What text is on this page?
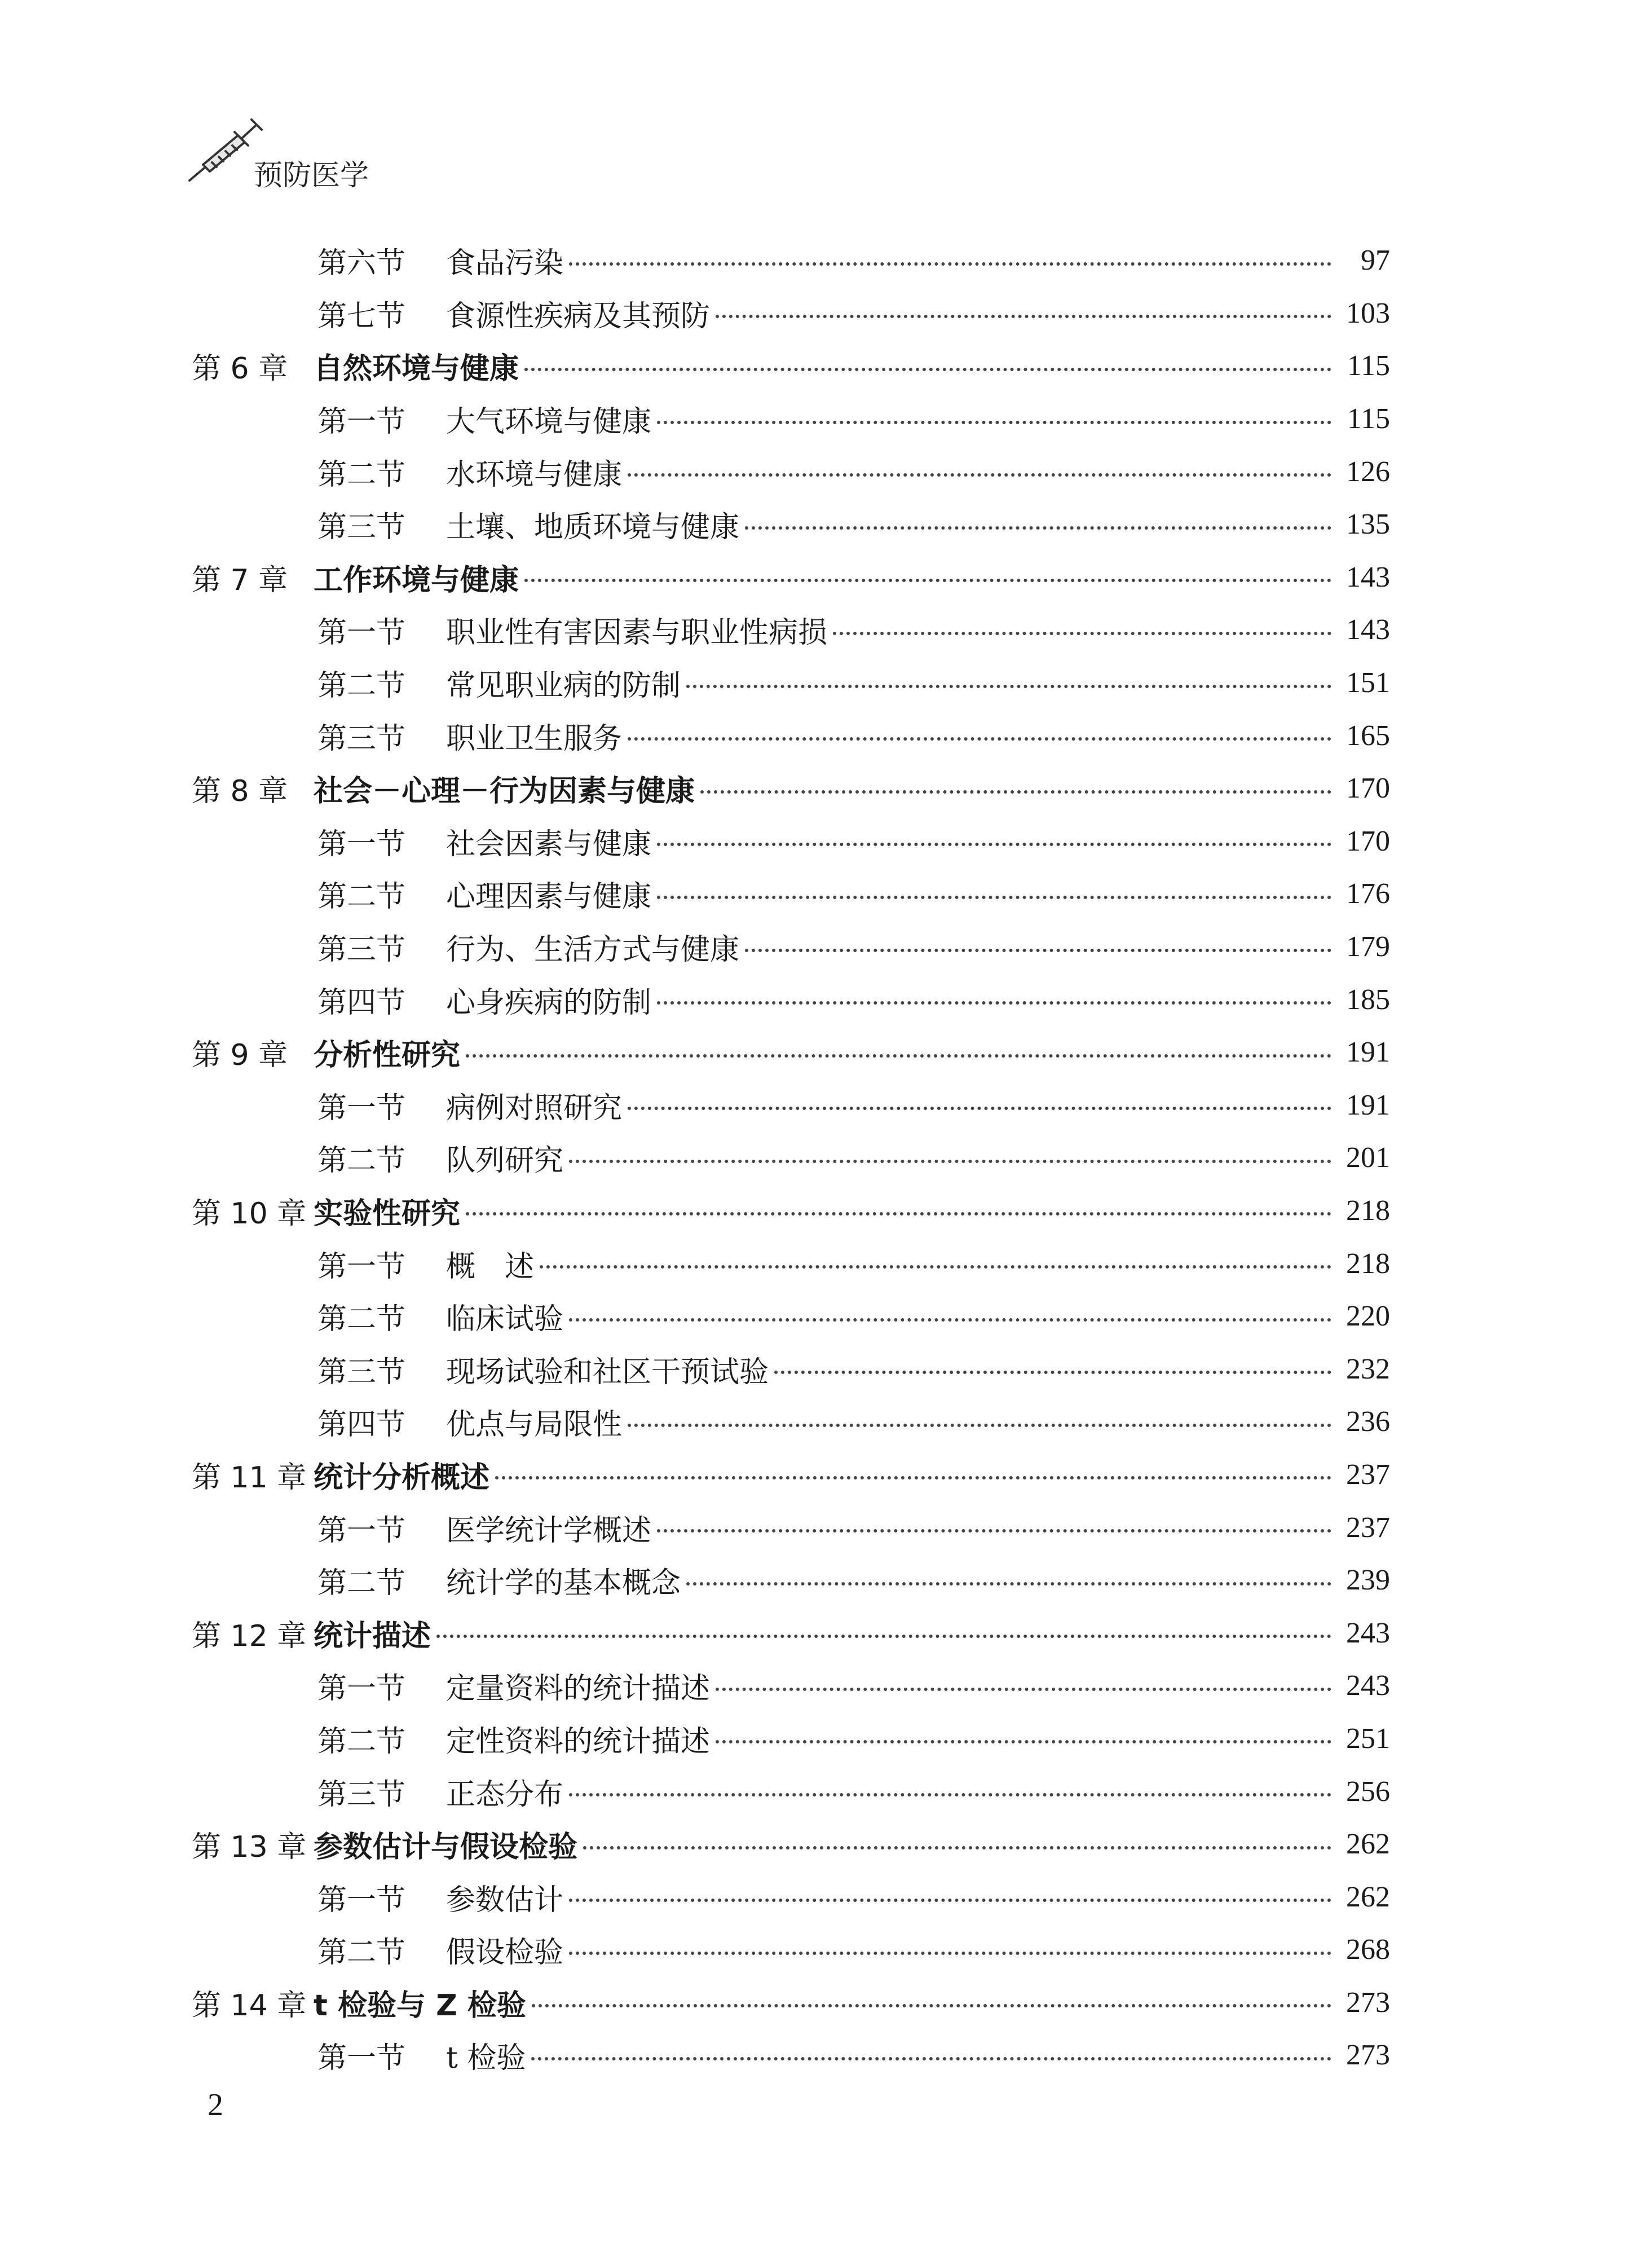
预防医学
第六节	食品污染	97
第七节	食源性疾病及其预防	103
第 6 章 自然环境与健康	115
第一节	大气环境与健康	115
第二节	水环境与健康	126
第三节	土壤、地质环境与健康	135
第 7 章 工作环境与健康	143
第一节	职业性有害因素与职业性病损	143
第二节	常见职业病的防制	151
第三节	职业卫生服务	165
第 8 章 社会－心理－行为因素与健康	170
第一节	社会因素与健康	170
第二节	心理因素与健康	176
第三节	行为、生活方式与健康	179
第四节	心身疾病的防制	185
第 9 章 分析性研究	191
第一节	病例对照研究	191
第二节	队列研究	201
第 10 章 实验性研究	218
第一节	概　述	218
第二节	临床试验	220
第三节	现场试验和社区干预试验	232
第四节	优点与局限性	236
第 11 章 统计分析概述	237
第一节	医学统计学概述	237
第二节	统计学的基本概念	239
第 12 章 统计描述	243
第一节	定量资料的统计描述	243
第二节	定性资料的统计描述	251
第三节	正态分布	256
第 13 章 参数估计与假设检验	262
第一节	参数估计	262
第二节	假设检验	268
第 14 章 t 检验与 Z 检验	273
第一节	t 检验	273
2
